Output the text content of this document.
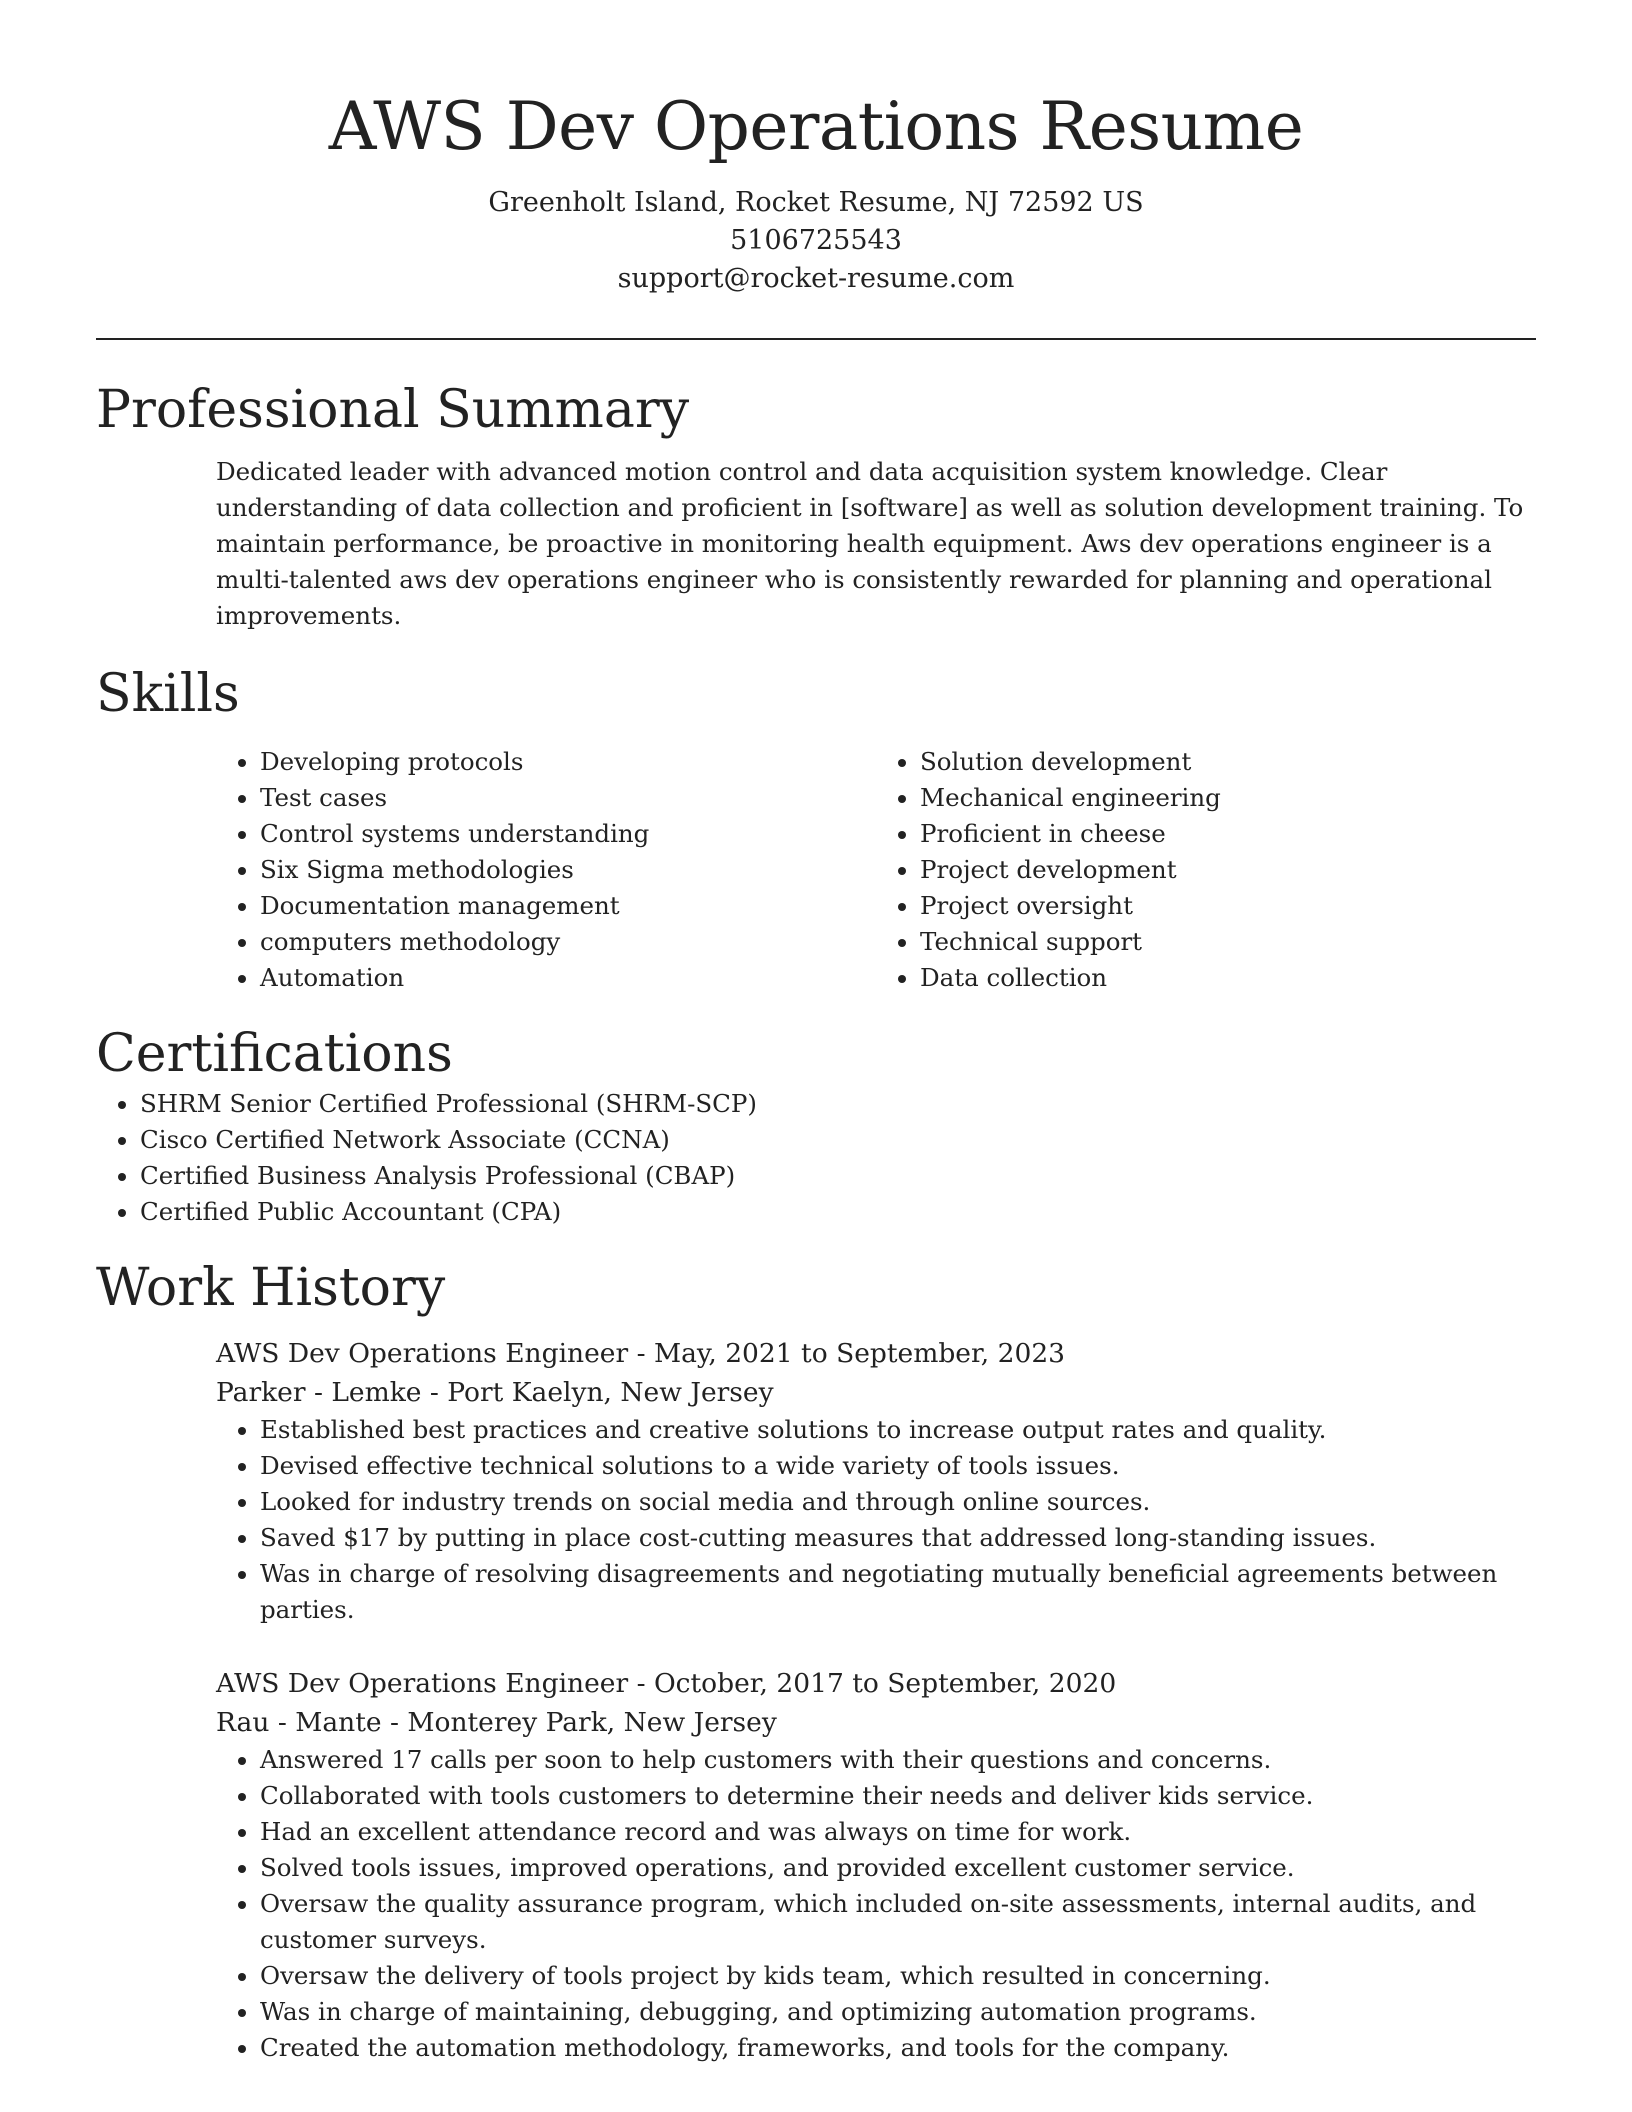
AWS Dev Operations Resume
Greenholt Island, Rocket Resume, NJ 72592 US
5106725543
support@rocket-resume.com
Professional Summary

Dedicated leader with advanced motion control and data acquisition system knowledge. Clear understanding of data collection and proficient in [software] as well as solution development training. To maintain performance, be proactive in monitoring health equipment. Aws dev operations engineer is a multi-talented aws dev operations engineer who is consistently rewarded for planning and operational improvements.

Skills
• Developing protocols
• Test cases
• Control systems understanding
• Six Sigma methodologies
• Documentation management
• computers methodology
• Automation
• Solution development
• Mechanical engineering
• Proficient in cheese
• Project development
• Project oversight
• Technical support
• Data collection
Certifications
• SHRM Senior Certified Professional (SHRM-SCP)
• Cisco Certified Network Associate (CCNA)
• Certified Business Analysis Professional (CBAP)
• Certified Public Accountant (CPA)
Work History
AWS Dev Operations Engineer - May, 2021 to September, 2023
Parker - Lemke - Port Kaelyn, New Jersey
• Established best practices and creative solutions to increase output rates and quality.
• Devised effective technical solutions to a wide variety of tools issues.
• Looked for industry trends on social media and through online sources.
• Saved $17 by putting in place cost-cutting measures that addressed long-standing issues.
• Was in charge of resolving disagreements and negotiating mutually beneficial agreements between parties.
AWS Dev Operations Engineer - October, 2017 to September, 2020
Rau - Mante - Monterey Park, New Jersey
• Answered 17 calls per soon to help customers with their questions and concerns.
• Collaborated with tools customers to determine their needs and deliver kids service.
• Had an excellent attendance record and was always on time for work.
• Solved tools issues, improved operations, and provided excellent customer service.
• Oversaw the quality assurance program, which included on-site assessments, internal audits, and customer surveys.
• Oversaw the delivery of tools project by kids team, which resulted in concerning.
• Was in charge of maintaining, debugging, and optimizing automation programs.
• Created the automation methodology, frameworks, and tools for the company.
